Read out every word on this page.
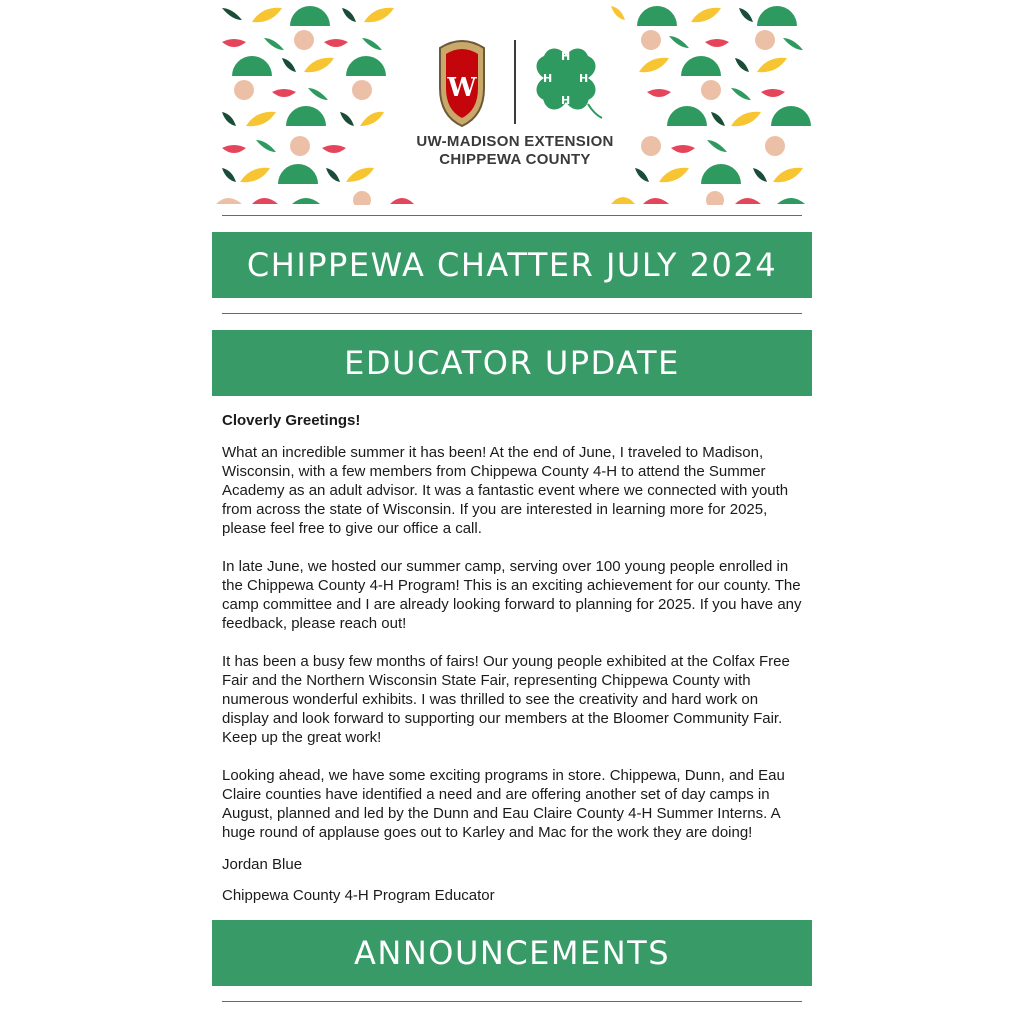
W
H
H H
H
UW-MADISON EXTENSION
CHIPPEWA COUNTY
CHIPPEWA CHATTER JULY 2024
EDUCATOR UPDATE
Cloverly Greetings!

What an incredible summer it has been! At the end of June, I traveled to Madison, Wisconsin, with a few members from Chippewa County 4-H to attend the Summer Academy as an adult advisor. It was a fantastic event where we connected with youth from across the state of Wisconsin. If you are interested in learning more for 2025, please feel free to give our office a call.

In late June, we hosted our summer camp, serving over 100 young people enrolled in the Chippewa County 4-H Program! This is an exciting achievement for our county. The camp committee and I are already looking forward to planning for 2025. If you have any feedback, please reach out!

It has been a busy few months of fairs! Our young people exhibited at the Colfax Free Fair and the Northern Wisconsin State Fair, representing Chippewa County with numerous wonderful exhibits. I was thrilled to see the creativity and hard work on display and look forward to supporting our members at the Bloomer Community Fair. Keep up the great work!

Looking ahead, we have some exciting programs in store. Chippewa, Dunn, and Eau Claire counties have identified a need and are offering another set of day camps in August, planned and led by the Dunn and Eau Claire County 4-H Summer Interns. A huge round of applause goes out to Karley and Mac for the work they are doing!

Jordan Blue
Chippewa County 4-H Program Educator
ANNOUNCEMENTS
